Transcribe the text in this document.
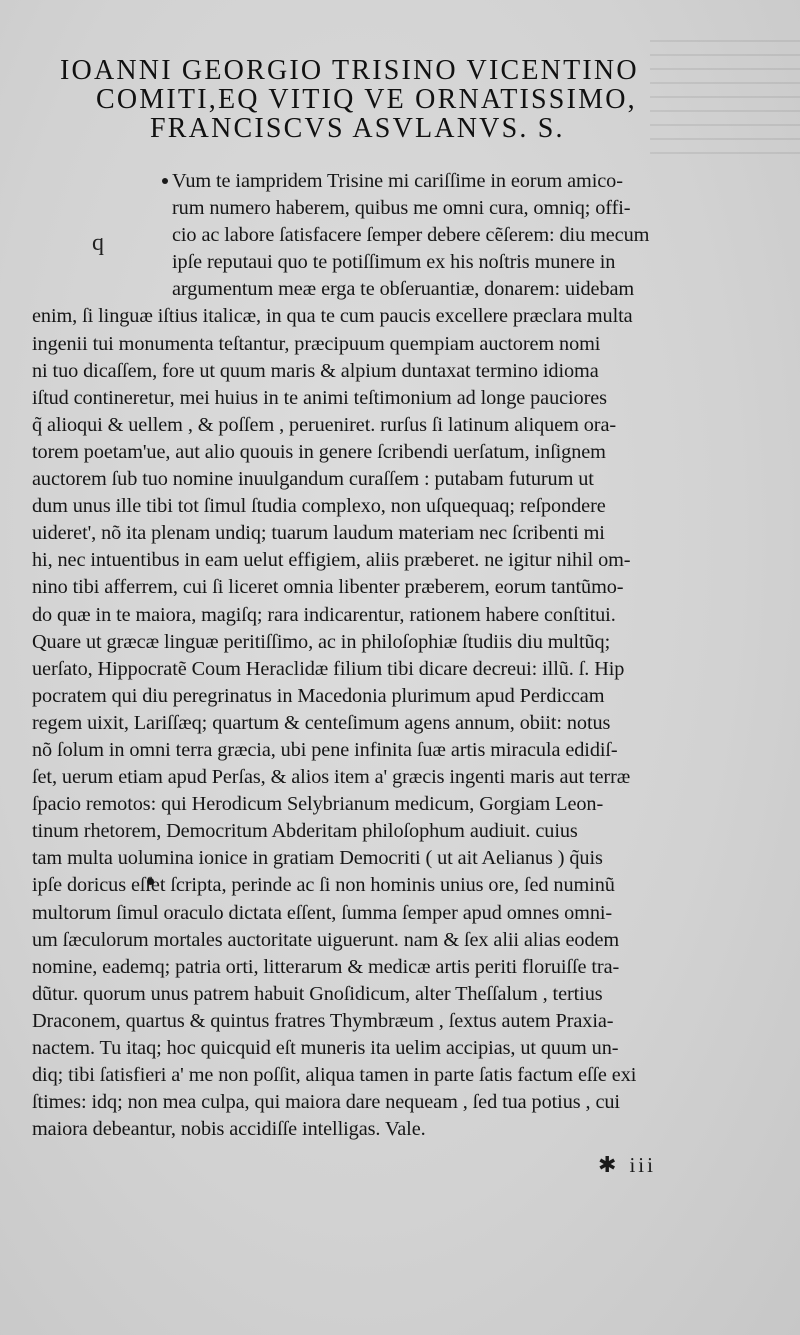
IOANNI GEORGIO TRISINO VICENTINO
COMITI,EQ VITIQ VE ORNATISSIMO,
FRANCISCVS ASVLANVS. S.
q
Vum te iampridem Trisine mi cariſſime in eorum amico-
rum numero haberem, quibus me omni cura, omniq; offi-
cio ac labore ſatisfacere ſemper debere cẽſerem: diu mecum
ipſe reputaui quo te potiſſimum ex his noſtris munere in
argumentum meæ erga te obſeruantiæ, donarem: uidebam
enim, ſi linguæ iſtius italicæ, in qua te cum paucis excellere præclara multa
ingenii tui monumenta teſtantur, præcipuum quempiam auctorem nomi
ni tuo dicaſſem, fore ut quum maris & alpium duntaxat termino idioma
iſtud contineretur, mei huius in te animi teſtimonium ad longe pauciores
q̃ alioqui & uellem , & poſſem , perueniret. rurſus ſi latinum aliquem ora-
torem poetam'ue, aut alio quouis in genere ſcribendi uerſatum, inſignem
auctorem ſub tuo nomine inuulgandum curaſſem : putabam futurum ut
dum unus ille tibi tot ſimul ſtudia complexo, non uſquequaq; reſpondere
uideret', nõ ita plenam undiq; tuarum laudum materiam nec ſcribenti mi
hi, nec intuentibus in eam uelut effigiem, aliis præberet. ne igitur nihil om-
nino tibi afferrem, cui ſi liceret omnia libenter præberem, eorum tantũmo-
do quæ in te maiora, magiſq; rara indicarentur, rationem habere conſtitui.
Quare ut græcæ linguæ peritiſſimo, ac in philoſophiæ ſtudiis diu multũq;
uerſato, Hippocratẽ Coum Heraclidæ filium tibi dicare decreui: illũ. ſ. Hip
pocratem qui diu peregrinatus in Macedonia plurimum apud Perdiccam
regem uixit, Lariſſæq; quartum & centeſimum agens annum, obiit: notus
nõ ſolum in omni terra græcia, ubi pene infinita ſuæ artis miracula edidiſ-
ſet, uerum etiam apud Perſas, & alios item a' græcis ingenti maris aut terræ
ſpacio remotos: qui Herodicum Selybrianum medicum, Gorgiam Leon-
tinum rhetorem, Democritum Abderitam philoſophum audiuit. cuius
tam multa uolumina ionice in gratiam Democriti ( ut ait Aelianus ) q̃uis
ipſe doricus eſſet ſcripta, perinde ac ſi non hominis unius ore, ſed numinũ
multorum ſimul oraculo dictata eſſent, ſumma ſemper apud omnes omni-
um ſæculorum mortales auctoritate uiguerunt. nam & ſex alii alias eodem
nomine, eademq; patria orti, litterarum & medicæ artis periti floruiſſe tra-
dũtur. quorum unus patrem habuit Gnoſidicum, alter Theſſalum , tertius
Draconem, quartus & quintus fratres Thymbræum , ſextus autem Praxia-
nactem. Tu itaq; hoc quicquid eſt muneris ita uelim accipias, ut quum un-
diq; tibi ſatisfieri a' me non poſſit, aliqua tamen in parte ſatis factum eſſe exi
ſtimes: idq; non mea culpa, qui maiora dare nequeam , ſed tua potius , cui
maiora debeantur, nobis accidiſſe intelligas. Vale.
✱ iii
